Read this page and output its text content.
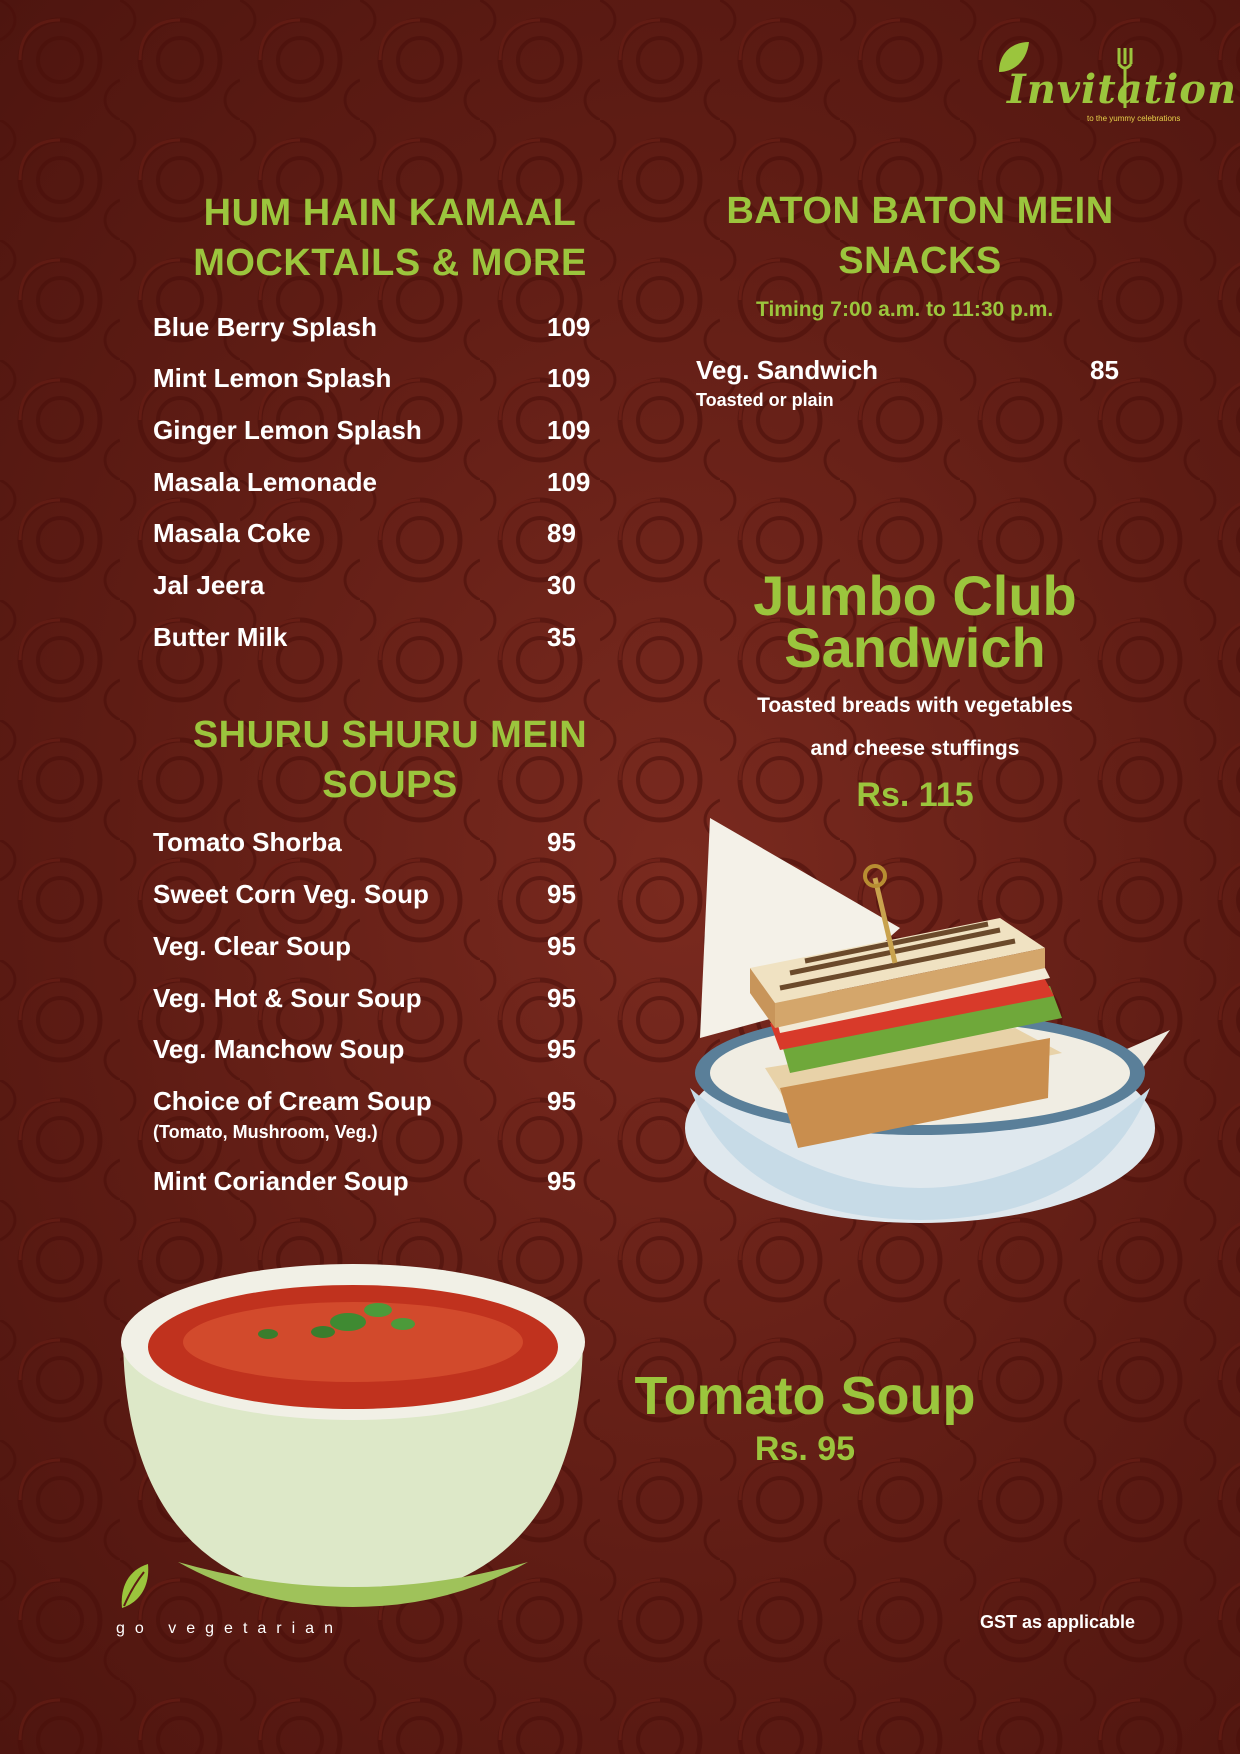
Invitation
to the yummy celebrations
HUM HAIN KAMAAL
MOCKTAILS & MORE
Blue Berry Splash	109
Mint Lemon Splash	109
Ginger Lemon Splash	109
Masala Lemonade	109
Masala Coke	89
Jal Jeera	30
Butter Milk	35
SHURU SHURU MEIN
SOUPS
Tomato Shorba	95
Sweet Corn Veg. Soup	95
Veg. Clear Soup	95
Veg. Hot & Sour Soup	95
Veg. Manchow Soup	95
Choice of Cream Soup	95
(Tomato, Mushroom, Veg.)
Mint Coriander Soup	95
BATON BATON MEIN
SNACKS
Timing 7:00 a.m. to 11:30 p.m.
Veg. Sandwich	85
Toasted or plain
Jumbo Club
Sandwich
Toasted breads with vegetables
and cheese stuffings
Rs. 115
Tomato Soup
Rs. 95
go vegetarian	GST as applicable
